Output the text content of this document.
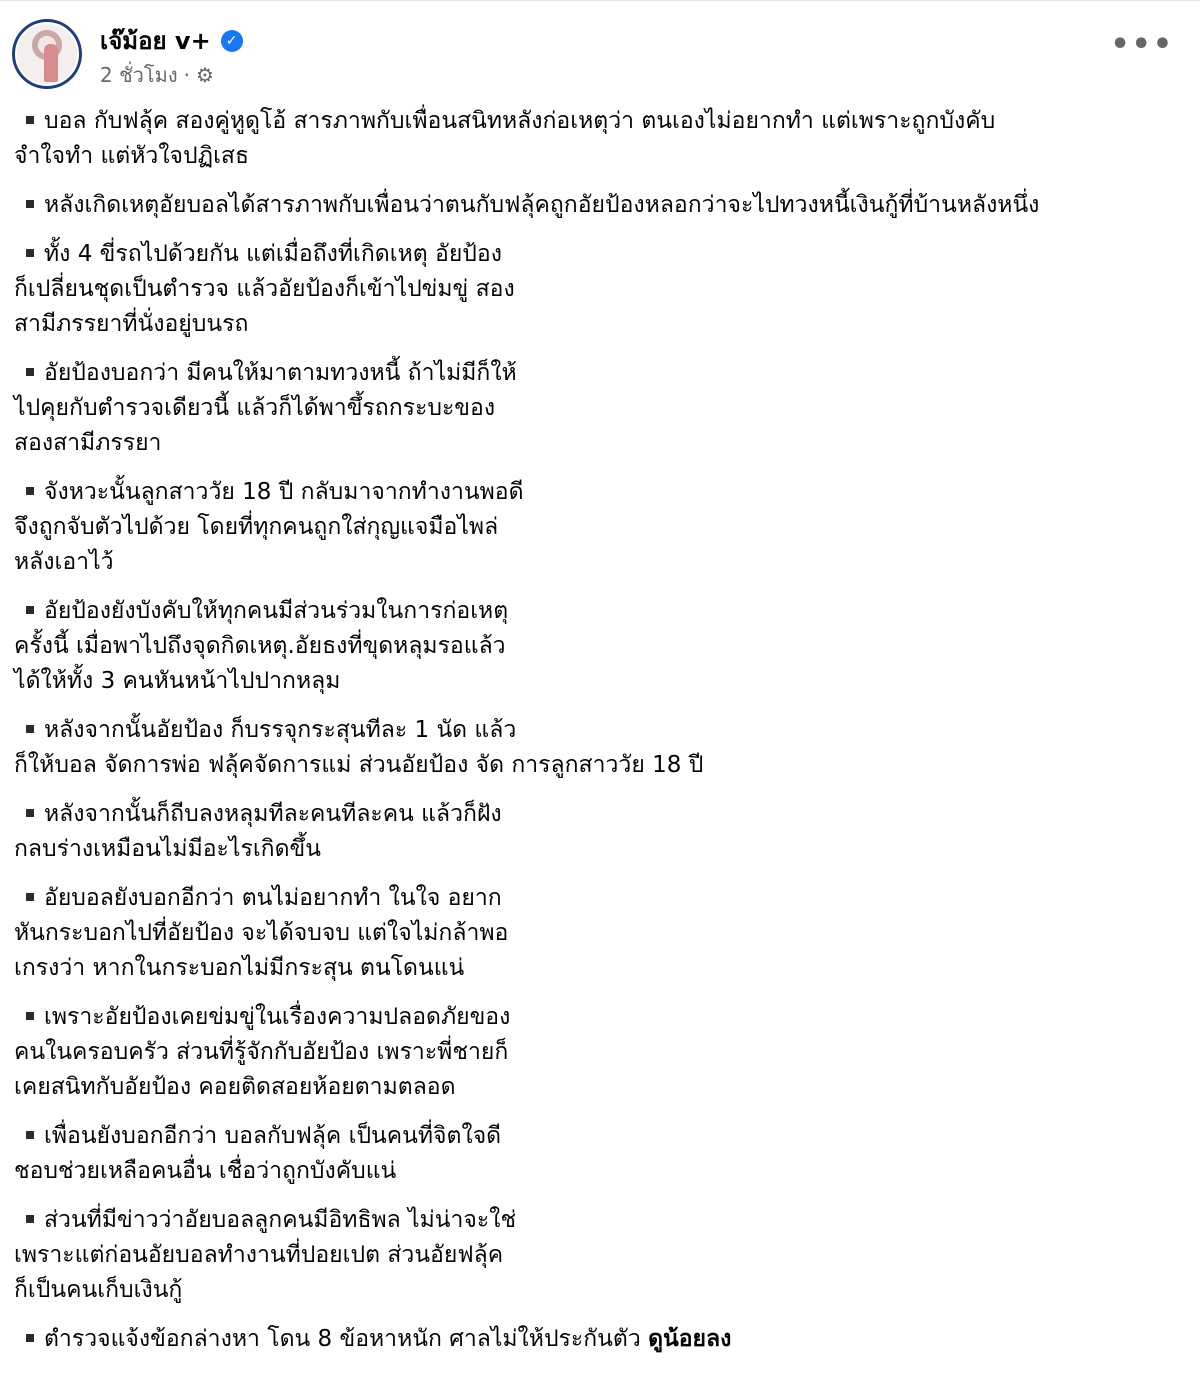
เจ๊ม้อย v+	✓
2 ชั่วโมง · ⚙
•••
บอล กับฟลุ้ค สองคู่หูดูโอ้ สารภาพกับเพื่อนสนิทหลังก่อเหตุว่า ตนเองไม่อยากทำ แต่เพราะถูกบังคับ
จำใจทำ แต่หัวใจปฏิเสธ
หลังเกิดเหตุอัยบอลได้สารภาพกับเพื่อนว่าตนกับฟลุ้คถูกอัยป้องหลอกว่าจะไปทวงหนี้เงินกู้ที่บ้านหลังหนึ่ง
ทั้ง 4 ขี่รถไปด้วยกัน แต่เมื่อถึงที่เกิดเหตุ อัยป้อง
ก็เปลี่ยนชุดเป็นตำรวจ แล้วอัยป้องก็เข้าไปข่มขู่ สอง
สามีภรรยาที่นั่งอยู่บนรถ
อัยป้องบอกว่า มีคนให้มาตามทวงหนี้ ถ้าไม่มีก็ให้
ไปคุยกับตำรวจเดียวนี้ แล้วก็ได้พาขึ้รถกระบะของ
สองสามีภรรยา
จังหวะนั้นลูกสาววัย 18 ปี กลับมาจากทำงานพอดี
จึงถูกจับตัวไปด้วย โดยที่ทุกคนถูกใส่กุญแจมือไพล่
หลังเอาไว้
อัยป้องยังบังคับให้ทุกคนมีส่วนร่วมในการก่อเหตุ
ครั้งนี้ เมื่อพาไปถึงจุดกิดเหตุ.อัยธงที่ขุดหลุมรอแล้ว
ได้ให้ทั้ง 3 คนหันหน้าไปปากหลุม
หลังจากนั้นอัยป้อง ก็บรรจุกระสุนทีละ 1 นัด แล้ว
ก็ให้บอล จัดการพ่อ ฟลุ้คจัดการแม่ ส่วนอัยป้อง จัด การลูกสาววัย 18 ปี
หลังจากนั้นก็ถีบลงหลุมทีละคนทีละคน แล้วก็ฝัง
กลบร่างเหมือนไม่มีอะไรเกิดขึ้น
อัยบอลยังบอกอีกว่า ตนไม่อยากทำ ในใจ อยาก
หันกระบอกไปที่อัยป้อง จะได้จบจบ แต่ใจไม่กล้าพอ
เกรงว่า หากในกระบอกไม่มีกระสุน ตนโดนแน่
เพราะอัยป้องเคยข่มขู่ในเรื่องความปลอดภัยของ
คนในครอบครัว ส่วนที่รู้จักกับอัยป้อง เพราะพี่ชายก็
เคยสนิทกับอัยป้อง คอยติดสอยห้อยตามตลอด
เพื่อนยังบอกอีกว่า บอลกับฟลุ้ค เป็นคนที่จิตใจดี
ชอบช่วยเหลือคนอื่น เชื่อว่าถูกบังคับแน่
ส่วนที่มีข่าวว่าอัยบอลลูกคนมีอิทธิพล ไม่น่าจะใช่
เพราะแต่ก่อนอัยบอลทำงานที่ปอยเปต ส่วนอัยฟลุ้ค
ก็เป็นคนเก็บเงินกู้
ตำรวจแจ้งข้อกล่างหา โดน 8 ข้อหาหนัก ศาลไม่ให้ประกันตัว ดูน้อยลง
